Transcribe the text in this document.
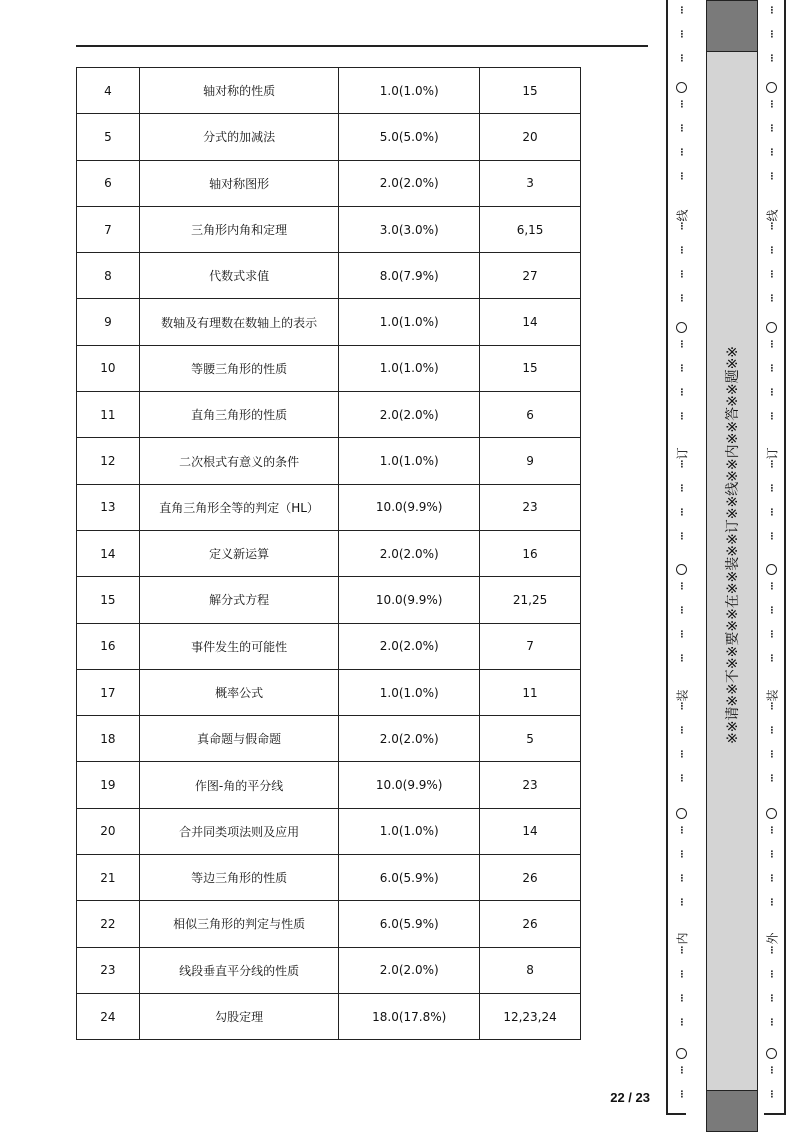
4	轴对称的性质	1.0(1.0%)	15
5	分式的加减法	5.0(5.0%)	20
6	轴对称图形	2.0(2.0%)	3
7	三角形内角和定理	3.0(3.0%)	6,15
8	代数式求值	8.0(7.9%)	27
9	数轴及有理数在数轴上的表示	1.0(1.0%)	14
10	等腰三角形的性质	1.0(1.0%)	15
11	直角三角形的性质	2.0(2.0%)	6
12	二次根式有意义的条件	1.0(1.0%)	9
13	直角三角形全等的判定（HL）	10.0(9.9%)	23
14	定义新运算	2.0(2.0%)	16
15	解分式方程	10.0(9.9%)	21,25
16	事件发生的可能性	2.0(2.0%)	7
17	概率公式	1.0(1.0%)	11
18	真命题与假命题	2.0(2.0%)	5
19	作图-角的平分线	10.0(9.9%)	23
20	合并同类项法则及应用	1.0(1.0%)	14
21	等边三角形的性质	6.0(5.9%)	26
22	相似三角形的判定与性质	6.0(5.9%)	26
23	线段垂直平分线的性质	2.0(2.0%)	8
24	勾股定理	18.0(17.8%)	12,23,24
22 / 23
※※请※※不※※要※※在※※装※※订※※线※※内※※答※※题※※
⋮
⋮
⋮
⋮
⋮
⋮
⋮
⋮
⋮
⋮
⋮
⋮
⋮
⋮
⋮
⋮
⋮
⋮
⋮
⋮
⋮
⋮
⋮
⋮
⋮
⋮
⋮
⋮
⋮
⋮
⋮
⋮
⋮
⋮
⋮
⋮
⋮
线
订
装
内
⋮
⋮
⋮
⋮
⋮
⋮
⋮
⋮
⋮
⋮
⋮
⋮
⋮
⋮
⋮
⋮
⋮
⋮
⋮
⋮
⋮
⋮
⋮
⋮
⋮
⋮
⋮
⋮
⋮
⋮
⋮
⋮
⋮
⋮
⋮
⋮
⋮
线
订
装
外
